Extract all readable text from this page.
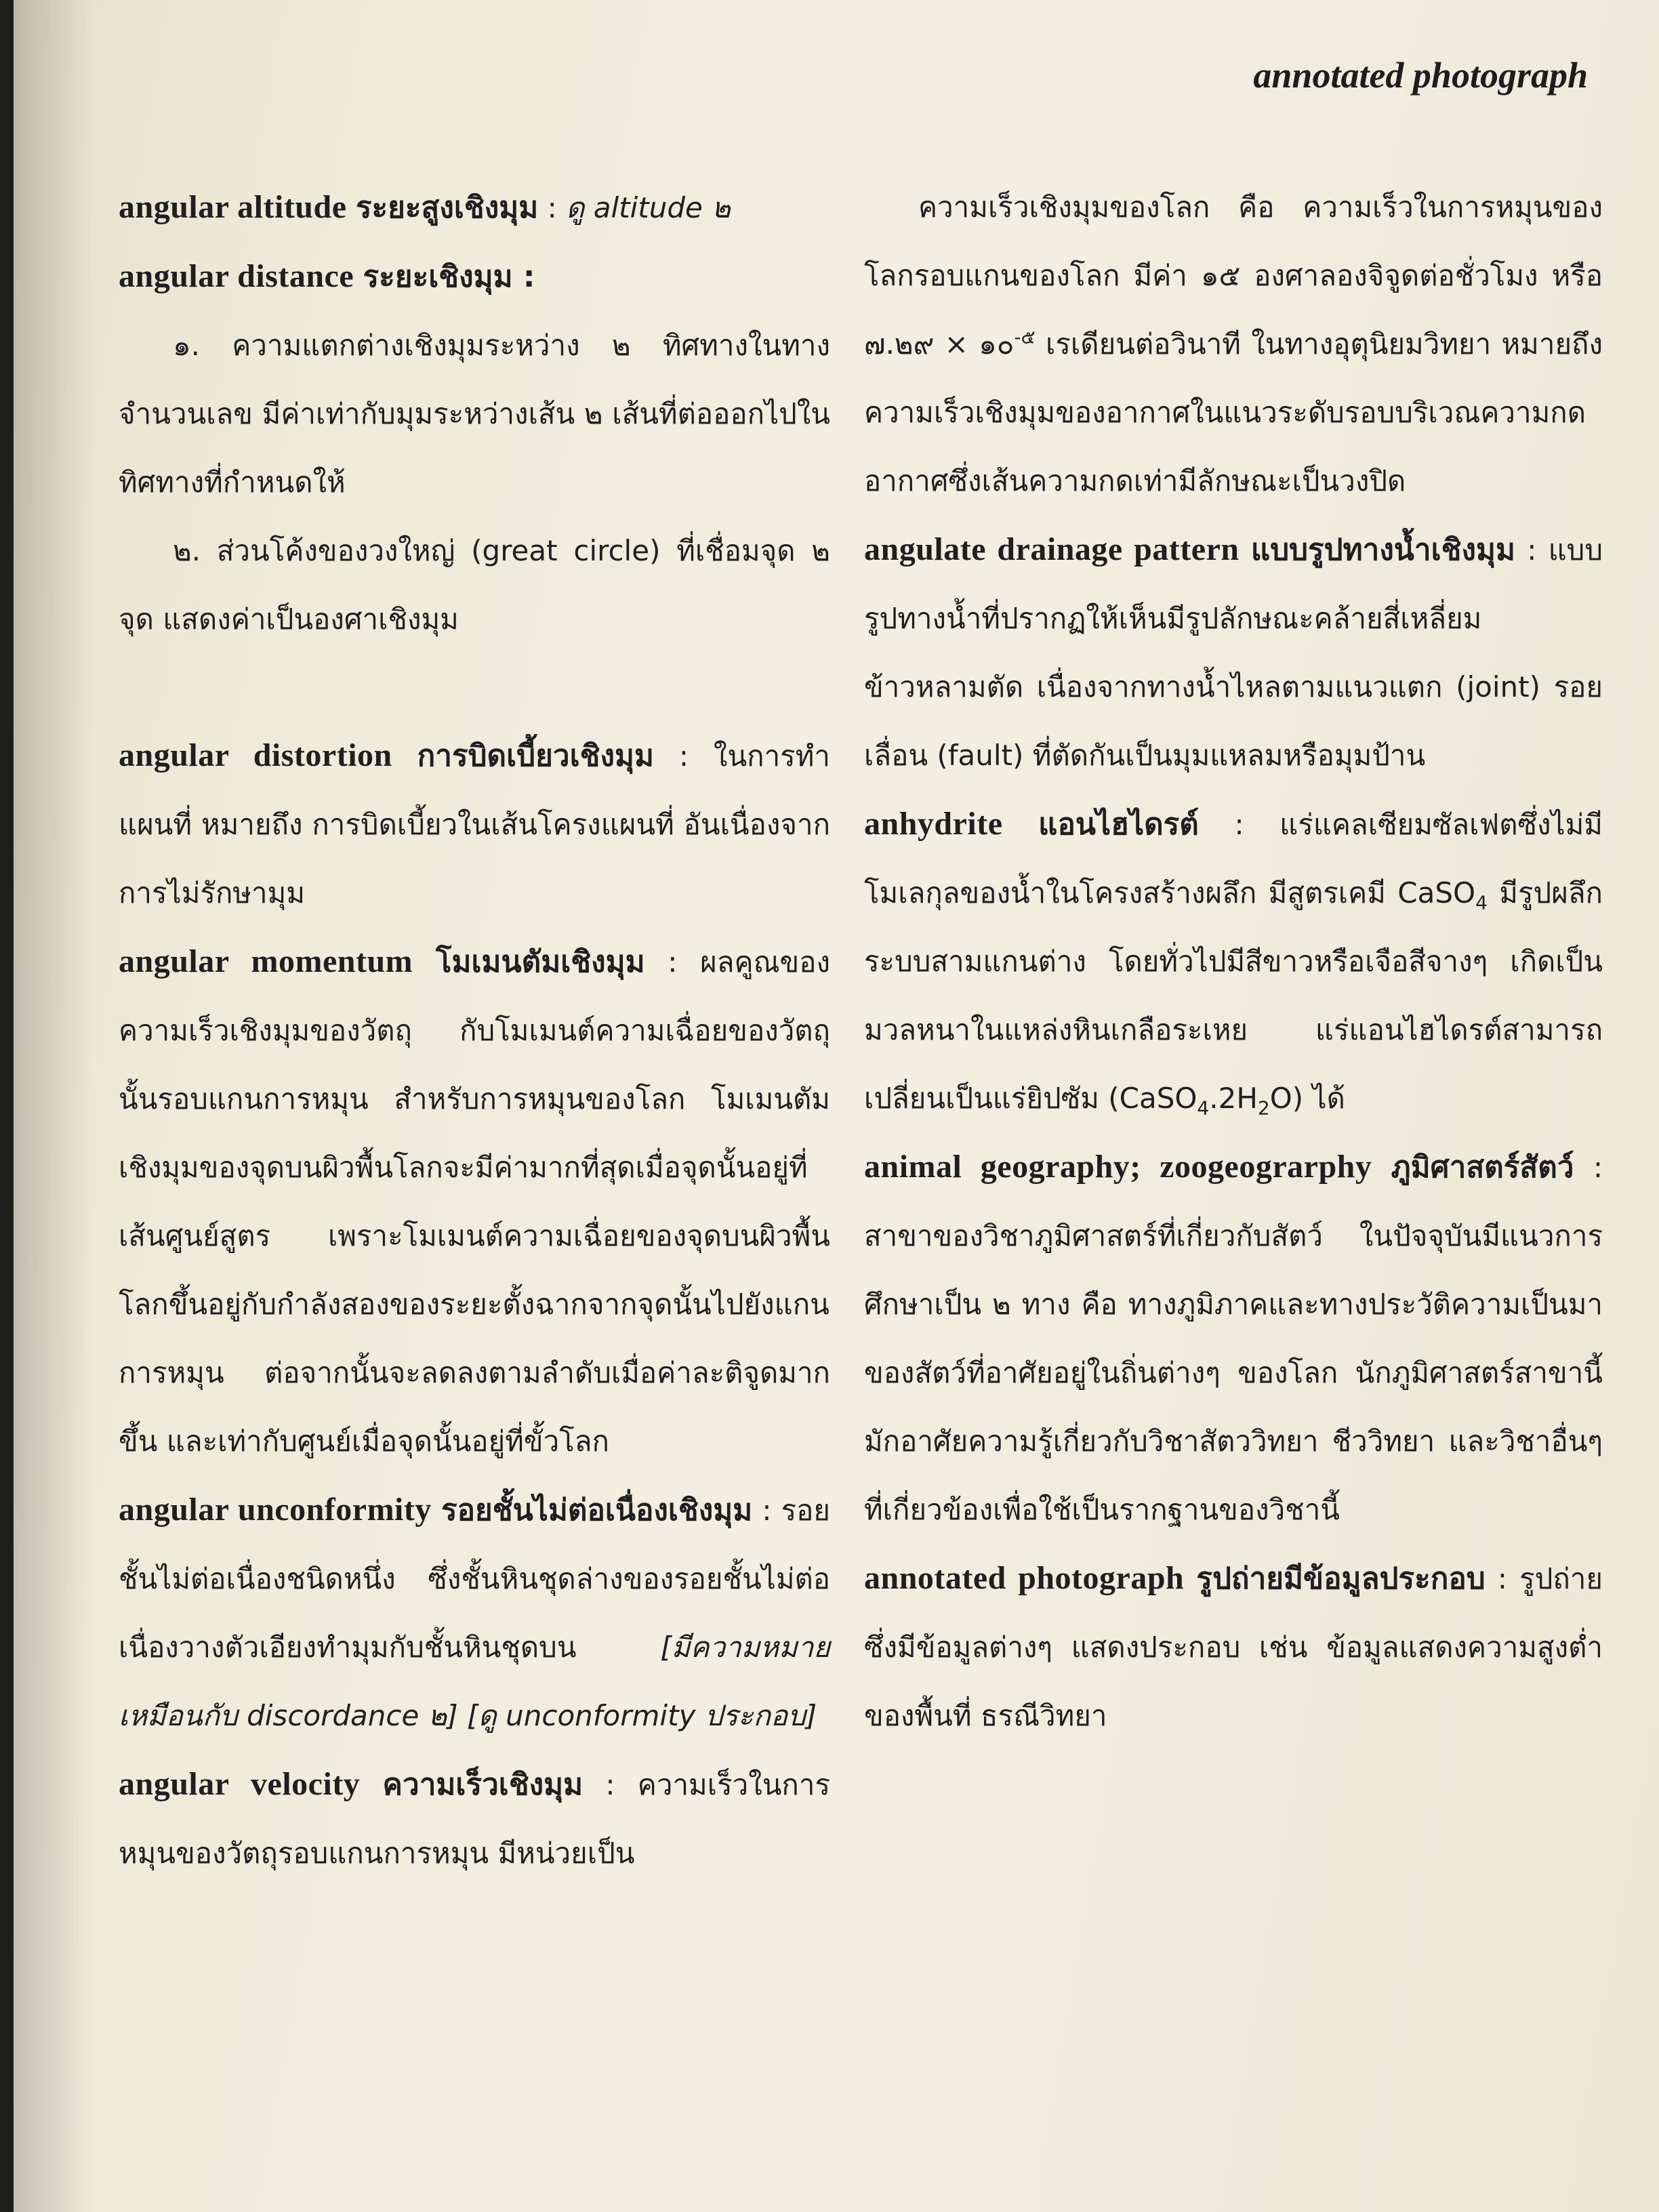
annotated photograph

angular altitude ระยะสูงเชิงมุม : ดู altitude ๒

angular distance ระยะเชิงมุม :

๑. ความแตกต่างเชิงมุมระหว่าง ๒ ทิศทางในทางจำนวนเลข มีค่าเท่ากับมุมระหว่างเส้น ๒ เส้นที่ต่อออกไปในทิศทางที่กำหนดให้

๒. ส่วนโค้งของวงใหญ่ (great circle) ที่เชื่อมจุด ๒ จุด แสดงค่าเป็นองศาเชิงมุม

angular distortion การบิดเบี้ยวเชิงมุม : ในการทำแผนที่ หมายถึง การบิดเบี้ยวในเส้นโครงแผนที่ อันเนื่องจากการไม่รักษามุม

angular momentum โมเมนตัมเชิงมุม : ผลคูณของความเร็วเชิงมุมของวัตถุ กับโมเมนต์ความเฉื่อยของวัตถุนั้นรอบแกนการหมุน สำหรับการหมุนของโลก โมเมนตัมเชิงมุมของจุดบนผิวพื้นโลกจะมีค่ามากที่สุดเมื่อจุดนั้นอยู่ที่เส้นศูนย์สูตร เพราะโมเมนต์ความเฉื่อยของจุดบนผิวพื้นโลกขึ้นอยู่กับกำลังสองของระยะตั้งฉากจากจุดนั้นไปยังแกนการหมุน ต่อจากนั้นจะลดลงตามลำดับเมื่อค่าละติจูดมากขึ้น และเท่ากับศูนย์เมื่อจุดนั้นอยู่ที่ขั้วโลก

angular unconformity รอยชั้นไม่ต่อเนื่องเชิงมุม : รอยชั้นไม่ต่อเนื่องชนิดหนึ่ง ซึ่งชั้นหินชุดล่างของรอยชั้นไม่ต่อเนื่องวางตัวเอียงทำมุมกับชั้นหินชุดบน [มีความหมายเหมือนกับ discordance ๒] [ดู unconformity ประกอบ]

angular velocity ความเร็วเชิงมุม : ความเร็วในการหมุนของวัตถุรอบแกนการหมุน มีหน่วยเป็น

ความเร็วเชิงมุมของโลก คือ ความเร็วในการหมุนของโลกรอบแกนของโลก มีค่า ๑๕ องศาลองจิจูดต่อชั่วโมง หรือ ๗.๒๙ × ๑๐$^{-๕}$ เรเดียนต่อวินาที ในทางอุตุนิยมวิทยา หมายถึง ความเร็วเชิงมุมของอากาศในแนวระดับรอบบริเวณความกดอากาศซึ่งเส้นความกดเท่ามีลักษณะเป็นวงปิด

angulate drainage pattern แบบรูปทางน้ำเชิงมุม : แบบรูปทางน้ำที่ปรากฏให้เห็นมีรูปลักษณะคล้ายสี่เหลี่ยมข้าวหลามตัด เนื่องจากทางน้ำไหลตามแนวแตก (joint) รอยเลื่อน (fault) ที่ตัดกันเป็นมุมแหลมหรือมุมป้าน

anhydrite แอนไฮไดรต์ : แร่แคลเซียมซัลเฟตซึ่งไม่มีโมเลกุลของน้ำในโครงสร้างผลึก มีสูตรเคมี CaSO$_4$ มีรูปผลึกระบบสามแกนต่าง โดยทั่วไปมีสีขาวหรือเจือสีจางๆ เกิดเป็นมวลหนาในแหล่งหินเกลือระเหย แร่แอนไฮไดรต์สามารถเปลี่ยนเป็นแร่ยิปซัม $(CaSO_4.2H_2O)$ ได้

animal geography; zoogeograrphy ภูมิศาสตร์สัตว์ : สาขาของวิชาภูมิศาสตร์ที่เกี่ยวกับสัตว์ ในปัจจุบันมีแนวการศึกษาเป็น ๒ ทาง คือ ทางภูมิภาคและทางประวัติความเป็นมาของสัตว์ที่อาศัยอยู่ในถิ่นต่างๆ ของโลก นักภูมิศาสตร์สาขานี้มักอาศัยความรู้เกี่ยวกับวิชาสัตววิทยา ชีววิทยา และวิชาอื่นๆ ที่เกี่ยวข้องเพื่อใช้เป็นรากฐานของวิชานี้

annotated photograph รูปถ่ายมีข้อมูลประกอบ : รูปถ่ายซึ่งมีข้อมูลต่างๆ แสดงประกอบ เช่น ข้อมูลแสดงความสูงต่ำของพื้นที่ ธรณีวิทยา
